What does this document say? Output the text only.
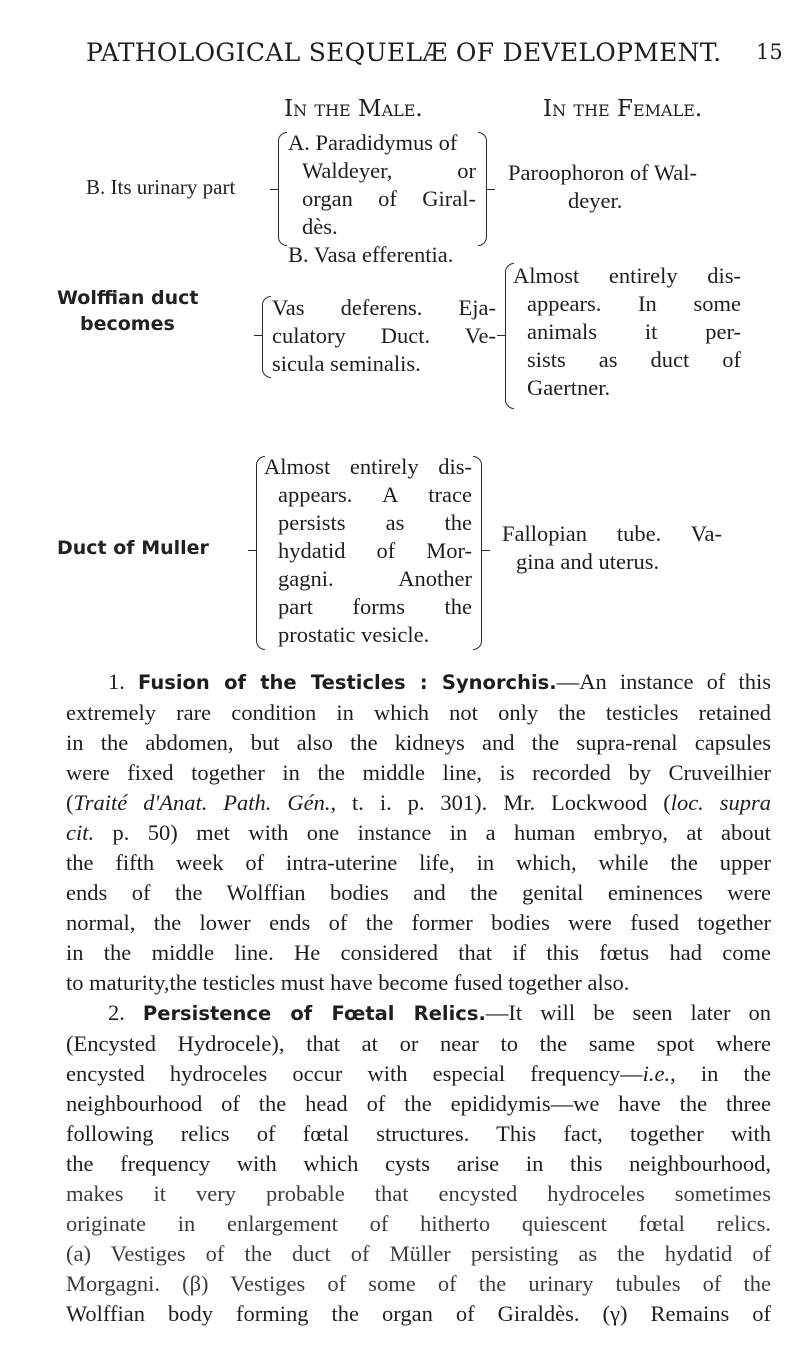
PATHOLOGICAL SEQUELÆ OF DEVELOPMENT.	15
In the Male.	In the Female.
B. Its urinary part
A. Paradidymus of
Waldeyer, or
organ of Giral-
dès.
B. Vasa efferentia.
Paroophoron of Wal-
deyer.
Wolffian duct
becomes
Vas deferens. Eja-
culatory Duct. Ve-
sicula seminalis.
Almost entirely dis-
appears. In some
animals it per-
sists as duct of
Gaertner.
Duct of Muller
Almost entirely dis-
appears. A trace
persists as the
hydatid of Mor-
gagni. Another
part forms the
prostatic vesicle.
Fallopian tube. Va-
gina and uterus.
1. Fusion of the Testicles : Synorchis.—An instance of this
extremely rare condition in which not only the testicles retained
in the abdomen, but also the kidneys and the supra-renal capsules
were fixed together in the middle line, is recorded by Cruveilhier
(Traité d'Anat. Path. Gén., t. i. p. 301). Mr. Lockwood (loc. supra
cit. p. 50) met with one instance in a human embryo, at about
the fifth week of intra-uterine life, in which, while the upper
ends of the Wolffian bodies and the genital eminences were
normal, the lower ends of the former bodies were fused together
in the middle line. He considered that if this fœtus had come
to maturity,the testicles must have become fused together also.
2. Persistence of Fœtal Relics.—It will be seen later on
(Encysted Hydrocele), that at or near to the same spot where
encysted hydroceles occur with especial frequency—i.e., in the
neighbourhood of the head of the epididymis—we have the three
following relics of fœtal structures. This fact, together with
the frequency with which cysts arise in this neighbourhood,
makes it very probable that encysted hydroceles sometimes
originate in enlargement of hitherto quiescent fœtal relics.
(a) Vestiges of the duct of Müller persisting as the hydatid of
Morgagni. (β) Vestiges of some of the urinary tubules of the
Wolffian body forming the organ of Giraldès. (γ) Remains of
